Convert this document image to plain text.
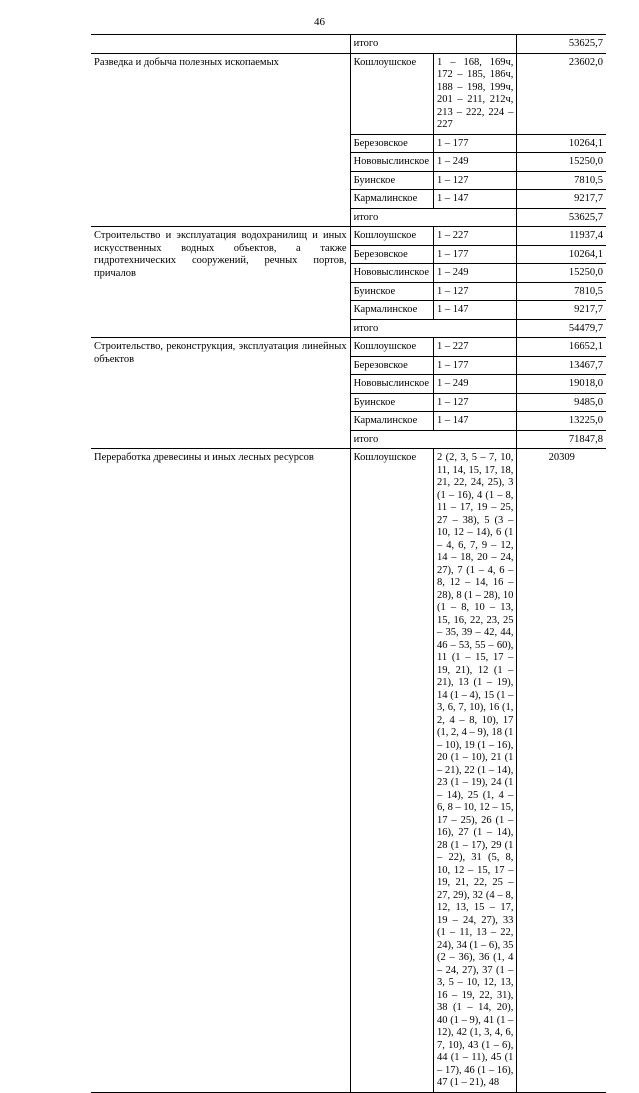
46
	итого		53625,7
Разведка и добыча полезных ископаемых	Кошлоушское	1 – 168, 169ч, 172 – 185, 186ч, 188 – 198, 199ч, 201 – 211, 212ч, 213 – 222, 224 – 227	23602,0
	Березовское	1 – 177	10264,1
	Нововыслинское	1 – 249	15250,0
	Буинское	1 – 127	7810,5
	Кармалинское	1 – 147	9217,7
	итого		53625,7
Строительство и эксплуатация водохранилищ и иных искусственных водных объектов, а также гидротехнических сооружений, речных портов, причалов	Кошлоушское	1 – 227	11937,4
	Березовское	1 – 177	10264,1
	Нововыслинское	1 – 249	15250,0
	Буинское	1 – 127	7810,5
	Кармалинское	1 – 147	9217,7
	итого		54479,7
Строительство, реконструкция, эксплуатация линейных объектов	Кошлоушское	1 – 227	16652,1
	Березовское	1 – 177	13467,7
	Нововыслинское	1 – 249	19018,0
	Буинское	1 – 127	9485,0
	Кармалинское	1 – 147	13225,0
	итого		71847,8
Переработка древесины и иных лесных ресурсов	Кошлоушское	2 (2, 3, 5 – 7, 10, 11, 14, 15, 17, 18, 21, 22, 24, 25), 3 (1 – 16), 4 (1 – 8, 11 – 17, 19 – 25, 27 – 38), 5 (3 – 10, 12 – 14), 6 (1 – 4, 6, 7, 9 – 12, 14 – 18, 20 – 24, 27), 7 (1 – 4, 6 – 8, 12 – 14, 16 – 28), 8 (1 – 28), 10 (1 – 8, 10 – 13, 15, 16, 22, 23, 25 – 35, 39 – 42, 44, 46 – 53, 55 – 60), 11 (1 – 15, 17 – 19, 21), 12 (1 – 21), 13 (1 – 19), 14 (1 – 4), 15 (1 – 3, 6, 7, 10), 16 (1, 2, 4 – 8, 10), 17 (1, 2, 4 – 9), 18 (1 – 10), 19 (1 – 16), 20 (1 – 10), 21 (1 – 21), 22 (1 – 14), 23 (1 – 19), 24 (1 – 14), 25 (1, 4 – 6, 8 – 10, 12 – 15, 17 – 25), 26 (1 – 16), 27 (1 – 14), 28 (1 – 17), 29 (1 – 22), 31 (5, 8, 10, 12 – 15, 17 – 19, 21, 22, 25 – 27, 29), 32 (4 – 8, 12, 13, 15 – 17, 19 – 24, 27), 33 (1 – 11, 13 – 22, 24), 34 (1 – 6), 35 (2 – 36), 36 (1, 4 – 24, 27), 37 (1 – 3, 5 – 10, 12, 13, 16 – 19, 22, 31), 38 (1 – 14, 20), 40 (1 – 9), 41 (1 – 12), 42 (1, 3, 4, 6, 7, 10), 43 (1 – 6), 44 (1 – 11), 45 (1 – 17), 46 (1 – 16), 47 (1 – 21), 48	20309
